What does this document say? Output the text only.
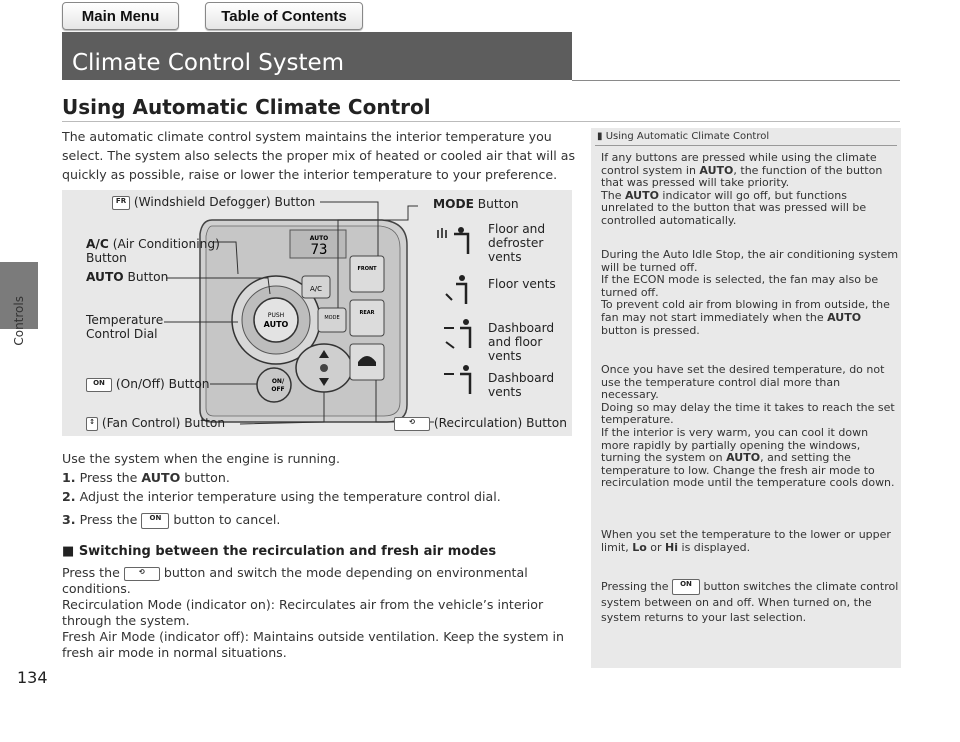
Main Menu	Table of Contents
Controls
134
Climate Control System
Using Automatic Climate Control
The automatic climate control system maintains the interior temperature you select. The system also selects the proper mix of heated or cooled air that will as quickly as possible, raise or lower the interior temperature to your preference.
AUTO
73
PUSH
AUTO
A/C
MODE
ON/
OFF
FRONT
REAR
FR (Windshield Defogger) Button
A/C (Air Conditioning)
Button
AUTO Button
Temperature
Control Dial
ON (On/Off) Button
↕ (Fan Control) Button
MODE Button
⟲ (Recirculation) Button
Floor and
defroster
vents
Floor vents
Dashboard
and floor
vents
Dashboard
vents
Use the system when the engine is running.
1. Press the AUTO button.
2. Adjust the interior temperature using the temperature control dial.
3. Press the ON button to cancel.
■ Switching between the recirculation and fresh air modes
Press the ⟲ button and switch the mode depending on environmental conditions.
Recirculation Mode (indicator on): Recirculates air from the vehicle’s interior through the system.
Fresh Air Mode (indicator off): Maintains outside ventilation. Keep the system in fresh air mode in normal situations.
▮ Using Automatic Climate Control
If any buttons are pressed while using the climate control system in AUTO, the function of the button that was pressed will take priority.
The AUTO indicator will go off, but functions unrelated to the button that was pressed will be controlled automatically.
During the Auto Idle Stop, the air conditioning system will be turned off.
If the ECON mode is selected, the fan may also be turned off.
To prevent cold air from blowing in from outside, the fan may not start immediately when the AUTO button is pressed.
Once you have set the desired temperature, do not use the temperature control dial more than necessary.
Doing so may delay the time it takes to reach the set temperature.
If the interior is very warm, you can cool it down more rapidly by partially opening the windows, turning the system on AUTO, and setting the temperature to low. Change the fresh air mode to recirculation mode until the temperature cools down.
When you set the temperature to the lower or upper limit, Lo or Hi is displayed.
Pressing the ON button switches the climate control system between on and off. When turned on, the system returns to your last selection.
